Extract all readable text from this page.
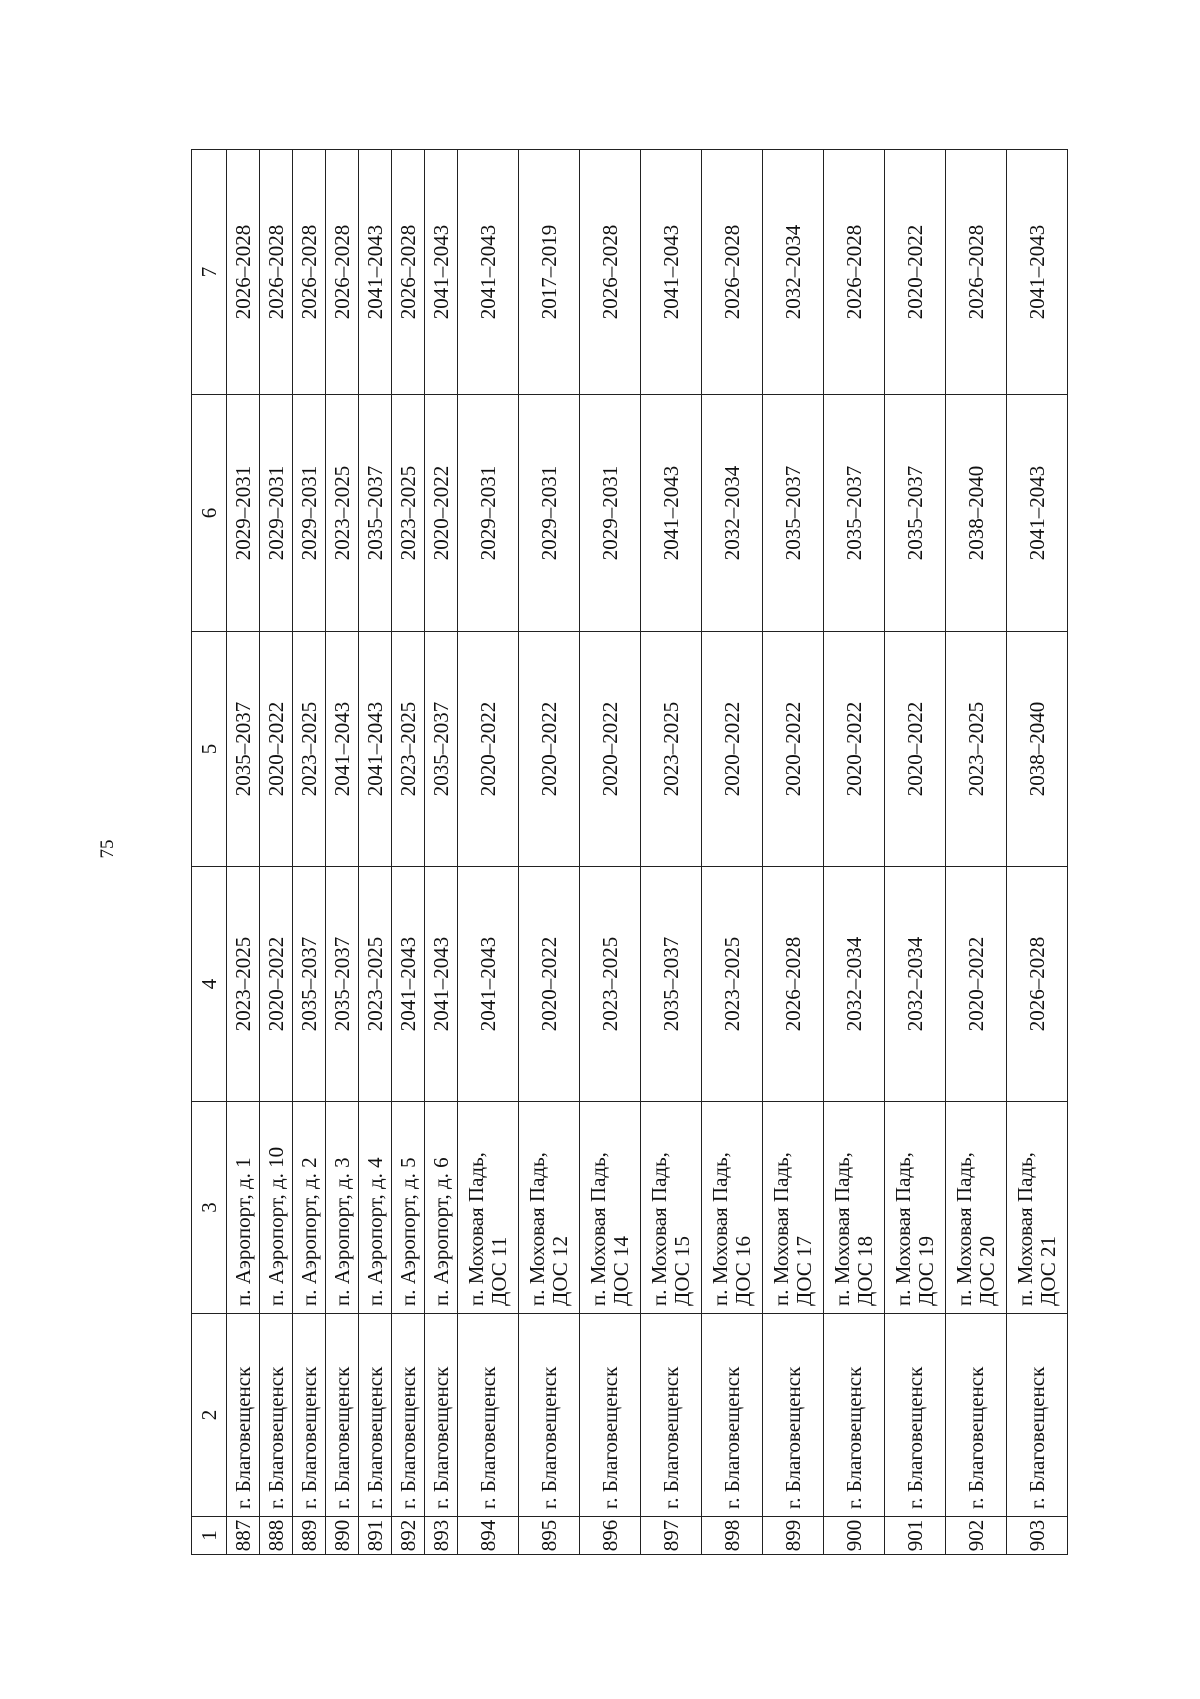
75
1	2	3	4	5	6	7
887	г. Благовещенск	п. Аэропорт, д. 1	2023–2025	2035–2037	2029–2031	2026–2028
888	г. Благовещенск	п. Аэропорт, д. 10	2020–2022	2020–2022	2029–2031	2026–2028
889	г. Благовещенск	п. Аэропорт, д. 2	2035–2037	2023–2025	2029–2031	2026–2028
890	г. Благовещенск	п. Аэропорт, д. 3	2035–2037	2041–2043	2023–2025	2026–2028
891	г. Благовещенск	п. Аэропорт, д. 4	2023–2025	2041–2043	2035–2037	2041–2043
892	г. Благовещенск	п. Аэропорт, д. 5	2041–2043	2023–2025	2023–2025	2026–2028
893	г. Благовещенск	п. Аэропорт, д. 6	2041–2043	2035–2037	2020–2022	2041–2043
894	г. Благовещенск	п. Моховая Падь, ДОС 11	2041–2043	2020–2022	2029–2031	2041–2043
895	г. Благовещенск	п. Моховая Падь, ДОС 12	2020–2022	2020–2022	2029–2031	2017–2019
896	г. Благовещенск	п. Моховая Падь, ДОС 14	2023–2025	2020–2022	2029–2031	2026–2028
897	г. Благовещенск	п. Моховая Падь, ДОС 15	2035–2037	2023–2025	2041–2043	2041–2043
898	г. Благовещенск	п. Моховая Падь, ДОС 16	2023–2025	2020–2022	2032–2034	2026–2028
899	г. Благовещенск	п. Моховая Падь, ДОС 17	2026–2028	2020–2022	2035–2037	2032–2034
900	г. Благовещенск	п. Моховая Падь, ДОС 18	2032–2034	2020–2022	2035–2037	2026–2028
901	г. Благовещенск	п. Моховая Падь, ДОС 19	2032–2034	2020–2022	2035–2037	2020–2022
902	г. Благовещенск	п. Моховая Падь, ДОС 20	2020–2022	2023–2025	2038–2040	2026–2028
903	г. Благовещенск	п. Моховая Падь, ДОС 21	2026–2028	2038–2040	2041–2043	2041–2043
